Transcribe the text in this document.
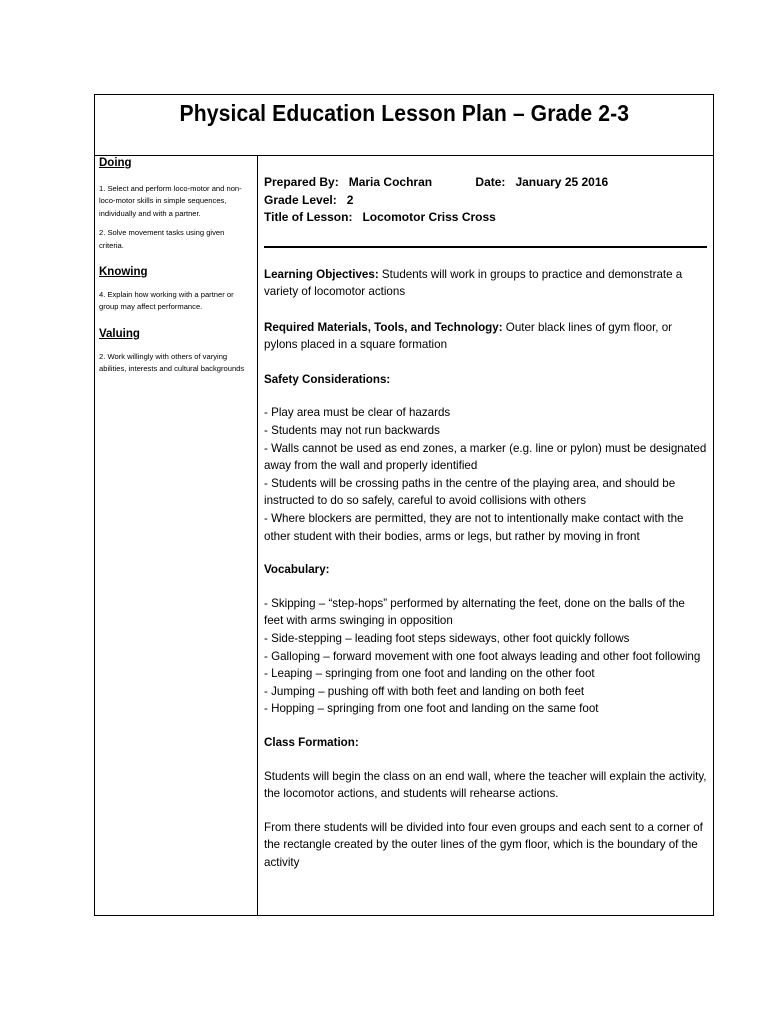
Physical Education Lesson Plan – Grade 2-3

Doing

1. Select and perform loco-motor and non-loco-motor skills in simple sequences, individually and with a partner.

2. Solve movement tasks using given criteria.

Knowing

4. Explain how working with a partner or group may affect performance.

Valuing

2. Work willingly with others of varying abilities, interests and cultural backgrounds

Prepared By: Maria Cochran	Date: January 25 2016
Grade Level: 2
Title of Lesson: Locomotor Criss Cross

Learning Objectives: Students will work in groups to practice and demonstrate a variety of locomotor actions

Required Materials, Tools, and Technology: Outer black lines of gym floor, or pylons placed in a square formation

Safety Considerations:

- Play area must be clear of hazards
- Students may not run backwards
- Walls cannot be used as end zones, a marker (e.g. line or pylon) must be designated away from the wall and properly identified
- Students will be crossing paths in the centre of the playing area, and should be instructed to do so safely, careful to avoid collisions with others
- Where blockers are permitted, they are not to intentionally make contact with the other student with their bodies, arms or legs, but rather by moving in front

Vocabulary:

- Skipping – “step-hops” performed by alternating the feet, done on the balls of the feet with arms swinging in opposition
- Side-stepping – leading foot steps sideways, other foot quickly follows
- Galloping – forward movement with one foot always leading and other foot following
- Leaping – springing from one foot and landing on the other foot
- Jumping – pushing off with both feet and landing on both feet
- Hopping – springing from one foot and landing on the same foot

Class Formation:

Students will begin the class on an end wall, where the teacher will explain the activity, the locomotor actions, and students will rehearse actions.

From there students will be divided into four even groups and each sent to a corner of the rectangle created by the outer lines of the gym floor, which is the boundary of the activity
